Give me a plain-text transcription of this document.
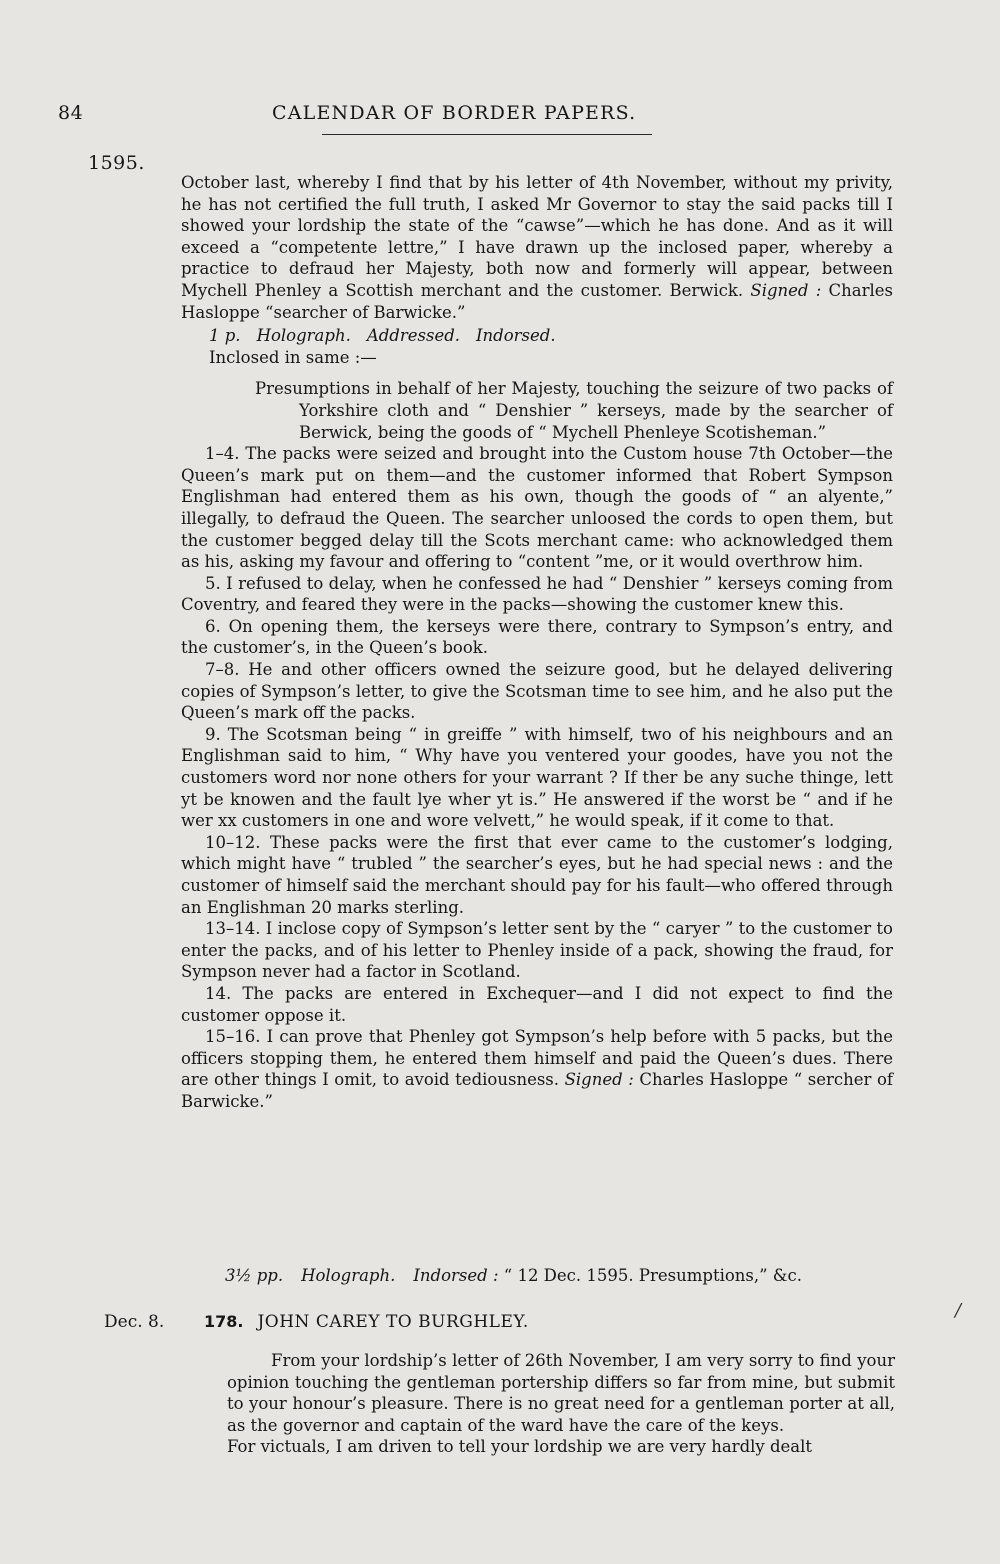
84	CALENDAR OF BORDER PAPERS.
1595.

October last, whereby I find that by his letter of 4th November, without my privity, he has not certified the full truth, I asked Mr Governor to stay the said packs till I showed your lordship the state of the “cawse”—which he has done. And as it will exceed a “competente lettre,” I have drawn up the inclosed paper, whereby a practice to defraud her Majesty, both now and formerly will appear, between Mychell Phenley a Scottish merchant and the customer. Berwick. Signed : Charles Hasloppe “searcher of Barwicke.”

1 p. Holograph. Addressed. Indorsed.
Inclosed in same :—

Presumptions in behalf of her Majesty, touching the seizure of two packs of Yorkshire cloth and “ Denshier ” kerseys, made by the searcher of Berwick, being the goods of “ Mychell Phenleye Scotisheman.”

1–4. The packs were seized and brought into the Custom house 7th October—the Queen’s mark put on them—and the customer informed that Robert Sympson Englishman had entered them as his own, though the goods of “ an alyente,” illegally, to defraud the Queen. The searcher unloosed the cords to open them, but the customer begged delay till the Scots merchant came: who acknowledged them as his, asking my favour and offering to “content ”me, or it would overthrow him.

5. I refused to delay, when he confessed he had “ Denshier ” kerseys coming from Coventry, and feared they were in the packs—showing the customer knew this.

6. On opening them, the kerseys were there, contrary to Sympson’s entry, and the customer’s, in the Queen’s book.

7–8. He and other officers owned the seizure good, but he delayed delivering copies of Sympson’s letter, to give the Scotsman time to see him, and he also put the Queen’s mark off the packs.

9. The Scotsman being “ in greiffe ” with himself, two of his neighbours and an Englishman said to him, “ Why have you ventered your goodes, have you not the customers word nor none others for your warrant ? If ther be any suche thinge, lett yt be knowen and the fault lye wher yt is.” He answered if the worst be “ and if he wer xx customers in one and wore velvett,” he would speak, if it come to that.

10–12. These packs were the first that ever came to the customer’s lodging, which might have “ trubled ” the searcher’s eyes, but he had special news : and the customer of himself said the merchant should pay for his fault—who offered through an Englishman 20 marks sterling.

13–14. I inclose copy of Sympson’s letter sent by the “ caryer ” to the customer to enter the packs, and of his letter to Phenley inside of a pack, showing the fraud, for Sympson never had a factor in Scotland.

14. The packs are entered in Exchequer—and I did not expect to find the customer oppose it.

15–16. I can prove that Phenley got Sympson’s help before with 5 packs, but the officers stopping them, he entered them himself and paid the Queen’s dues. There are other things I omit, to avoid tediousness. Signed : Charles Hasloppe “ sercher of Barwicke.”

3½ pp. Holograph. Indorsed : “ 12 Dec. 1595. Presumptions,” &c.
Dec. 8. 178. JOHN CAREY TO BURGHLEY.

From your lordship’s letter of 26th November, I am very sorry to find your opinion touching the gentleman portership differs so far from mine, but submit to your honour’s pleasure. There is no great need for a gentleman porter at all, as the governor and captain of the ward have the care of the keys.

For victuals, I am driven to tell your lordship we are very hardly dealt

/
